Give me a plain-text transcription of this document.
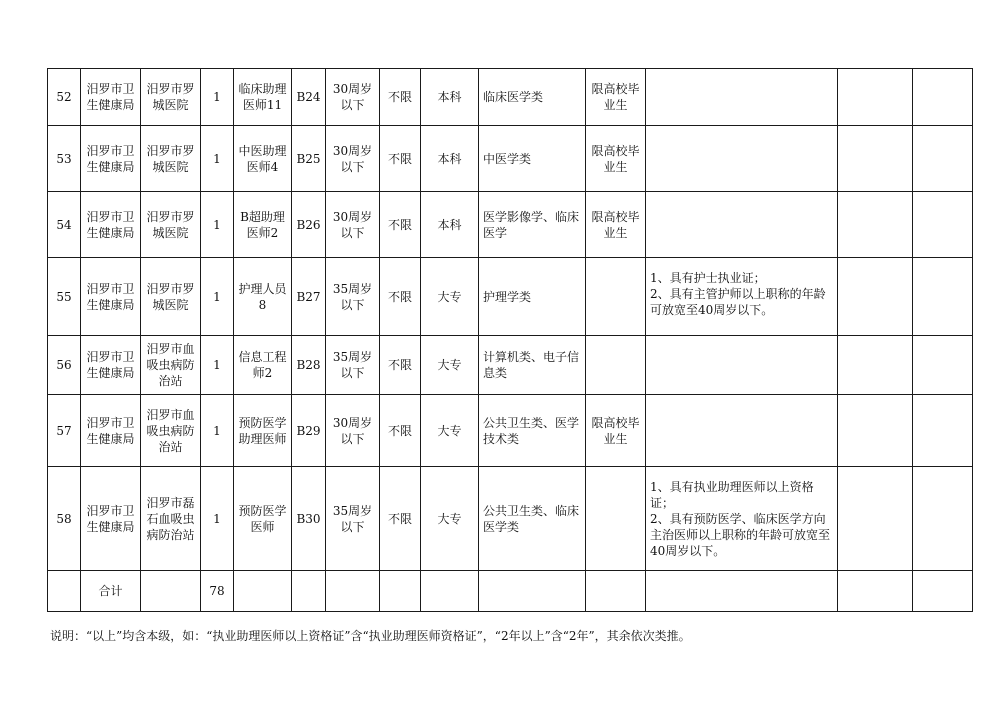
52	汨罗市卫生健康局	汨罗市罗城医院	1	临床助理医师11	B24	30周岁以下	不限	本科	临床医学类	限高校毕业生			
53	汨罗市卫生健康局	汨罗市罗城医院	1	中医助理医师4	B25	30周岁以下	不限	本科	中医学类	限高校毕业生			
54	汨罗市卫生健康局	汨罗市罗城医院	1	B超助理医师2	B26	30周岁以下	不限	本科	医学影像学、临床医学	限高校毕业生			
55	汨罗市卫生健康局	汨罗市罗城医院	1	护理人员8	B27	35周岁以下	不限	大专	护理学类		1、具有护士执业证；
2、具有主管护师以上职称的年龄可放宽至40周岁以下。		
56	汨罗市卫生健康局	汨罗市血吸虫病防治站	1	信息工程师2	B28	35周岁以下	不限	大专	计算机类、电子信息类				
57	汨罗市卫生健康局	汨罗市血吸虫病防治站	1	预防医学助理医师	B29	30周岁以下	不限	大专	公共卫生类、医学技术类	限高校毕业生			
58	汨罗市卫生健康局	汨罗市磊石血吸虫病防治站	1	预防医学医师	B30	35周岁以下	不限	大专	公共卫生类、临床医学类		1、具有执业助理医师以上资格证；
2、具有预防医学、临床医学方向主治医师以上职称的年龄可放宽至40周岁以下。		
	合计		78										
说明：“以上”均含本级，如：“执业助理医师以上资格证”含“执业助理医师资格证”，“2年以上”含“2年”，其余依次类推。
